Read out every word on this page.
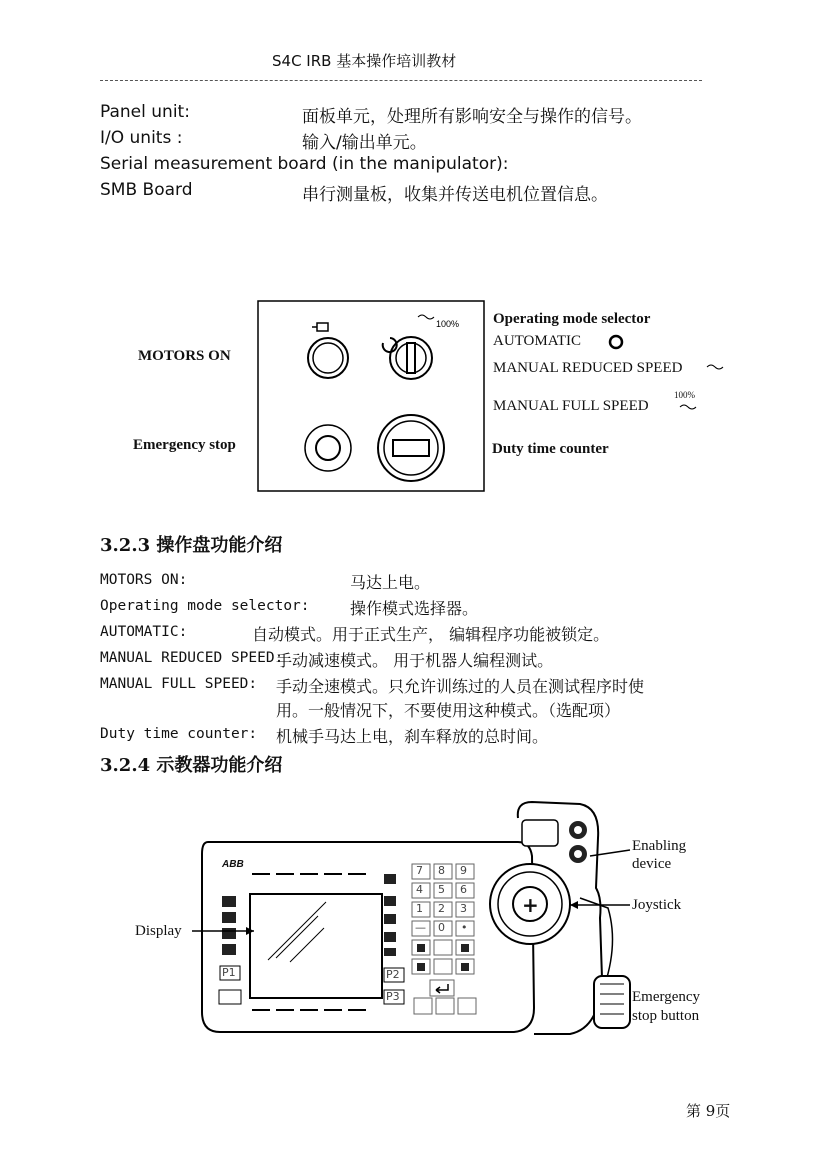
S4C IRB 基本操作培训教材
Panel unit:	面板单元，处理所有影响安全与操作的信号。
I/O units :	输入/输出单元。
Serial measurement board (in the manipulator):
SMB Board	串行测量板，收集并传送电机位置信息。
100%
MOTORS ON
Emergency stop
Operating mode selector
AUTOMATIC
MANUAL REDUCED SPEED
MANUAL FULL SPEED
100%
Duty time counter
3.2.3 操作盘功能介绍
MOTORS ON:	马达上电。
Operating mode selector:	操作模式选择器。
AUTOMATIC:	自动模式。用于正式生产， 编辑程序功能被锁定。
MANUAL REDUCED SPEED:
手动减速模式。 用于机器人编程测试。
MANUAL FULL SPEED: 手动全速模式。只允许训练过的人员在测试程序时使
用。一般情况下，不要使用这种模式。（选配项）
Duty time counter: 机械手马达上电，刹车释放的总时间。
3.2.4 示教器功能介绍
ABB
Display
Enabling
device
Joystick
Emergency
stop button
7 8 9
4 5 6
1 2 3
— 0 •
P1	P2
P3
+
第 9页
